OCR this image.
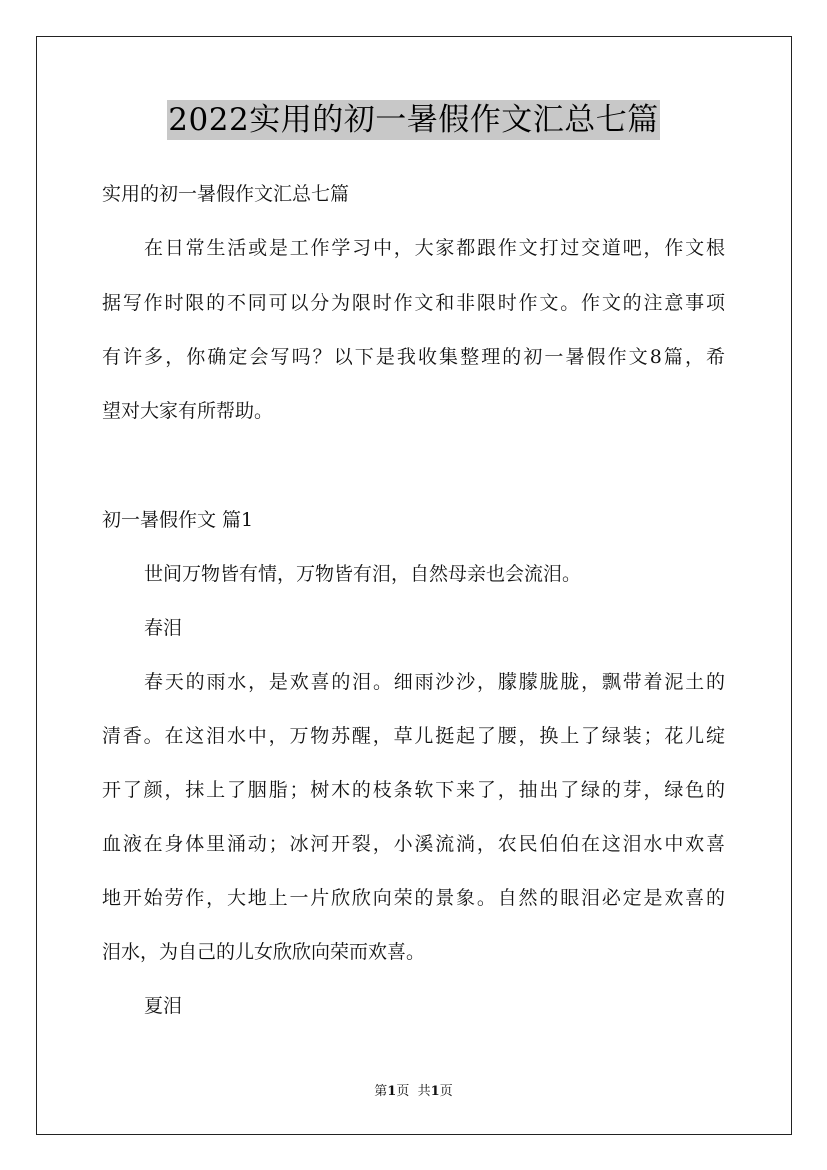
2022实用的初一暑假作文汇总七篇
实用的初一暑假作文汇总七篇
在日常生活或是工作学习中，大家都跟作文打过交道吧，作文根
据写作时限的不同可以分为限时作文和非限时作文。作文的注意事项
有许多，你确定会写吗？以下是我收集整理的初一暑假作文8篇，希
望对大家有所帮助。
初一暑假作文 篇1
世间万物皆有情，万物皆有泪，自然母亲也会流泪。
春泪
春天的雨水，是欢喜的泪。细雨沙沙，朦朦胧胧，飘带着泥土的
清香。在这泪水中，万物苏醒，草儿挺起了腰，换上了绿装；花儿绽
开了颜，抹上了胭脂；树木的枝条软下来了，抽出了绿的芽，绿色的
血液在身体里涌动；冰河开裂，小溪流淌，农民伯伯在这泪水中欢喜
地开始劳作，大地上一片欣欣向荣的景象。自然的眼泪必定是欢喜的
泪水，为自己的儿女欣欣向荣而欢喜。
夏泪
第1页 共1页
